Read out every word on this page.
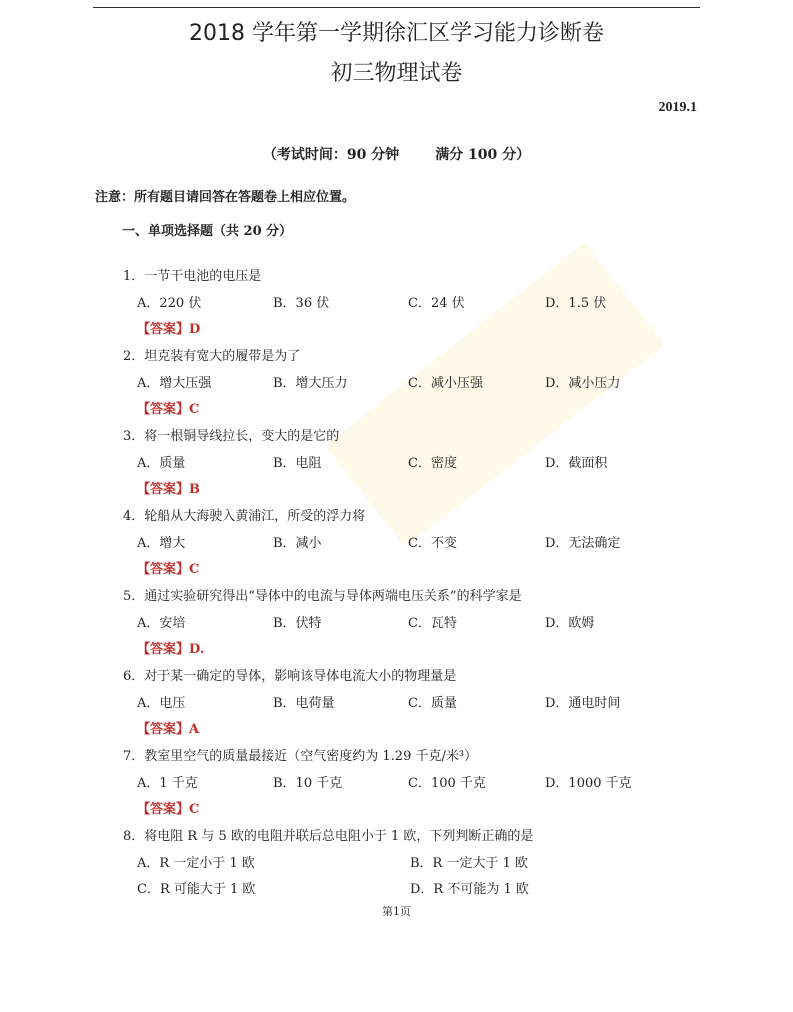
2018 学年第一学期徐汇区学习能力诊断卷
初三物理试卷
2019.1
（考试时间：90 分钟	满分 100 分）
注意：所有题目请回答在答题卷上相应位置。
一、单项选择题（共 20 分）
1．一节干电池的电压是
A．220 伏	B．36 伏	C．24 伏	D．1.5 伏
【答案】D
2．坦克装有宽大的履带是为了
A．增大压强	B．增大压力	C．减小压强	D．减小压力
【答案】C
3．将一根铜导线拉长，变大的是它的
A．质量	B．电阻	C．密度	D．截面积
【答案】B
4．轮船从大海驶入黄浦江，所受的浮力将
A．增大	B．减小	C．不变	D．无法确定
【答案】C
5．通过实验研究得出“导体中的电流与导体两端电压关系”的科学家是
A．安培	B．伏特	C．瓦特	D．欧姆
【答案】D.
6．对于某一确定的导体，影响该导体电流大小的物理量是
A．电压	B．电荷量	C．质量	D．通电时间
【答案】A
7．教室里空气的质量最接近（空气密度约为 1.29 千克/米³）
A．1 千克	B．10 千克	C．100 千克	D．1000 千克
【答案】C
8．将电阻 R 与 5 欧的电阻并联后总电阻小于 1 欧，下列判断正确的是
A．R 一定小于 1 欧	B．R 一定大于 1 欧
C．R 可能大于 1 欧	D．R 不可能为 1 欧
第1页
